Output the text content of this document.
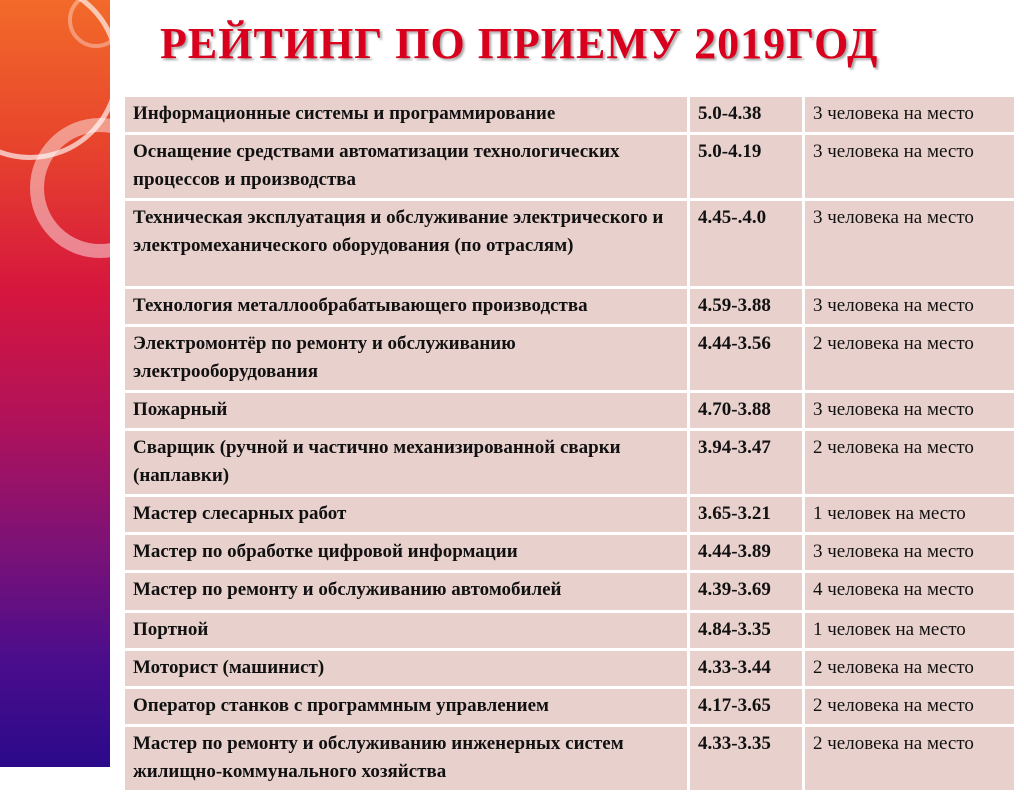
РЕЙТИНГ ПО ПРИЕМУ 2019ГОД
Информационные системы и программирование	5.0-4.38	3 человека на место
Оснащение средствами автоматизации технологических процессов и производства	5.0-4.19	3 человека на место
Техническая эксплуатация и обслуживание электрического и электромеханического оборудования (по отраслям)	4.45-.4.0	3 человека на место
Технология металлообрабатывающего производства	4.59-3.88	3 человека на место
Электромонтёр по ремонту и обслуживанию электрооборудования	4.44-3.56	2 человека на место
Пожарный	4.70-3.88	3 человека на место
Сварщик (ручной и частично механизированной сварки (наплавки)	3.94-3.47	2 человека на место
Мастер слесарных работ	3.65-3.21	1 человек на место
Мастер по обработке цифровой информации	4.44-3.89	3 человека на место
Мастер по ремонту и обслуживанию автомобилей	4.39-3.69	4 человека на место
Портной	4.84-3.35	1 человек на место
Моторист (машинист)	4.33-3.44	2 человека на место
Оператор станков с программным управлением	4.17-3.65	2 человека на место
Мастер по ремонту и обслуживанию инженерных систем жилищно-коммунального хозяйства	4.33-3.35	2 человека на место
